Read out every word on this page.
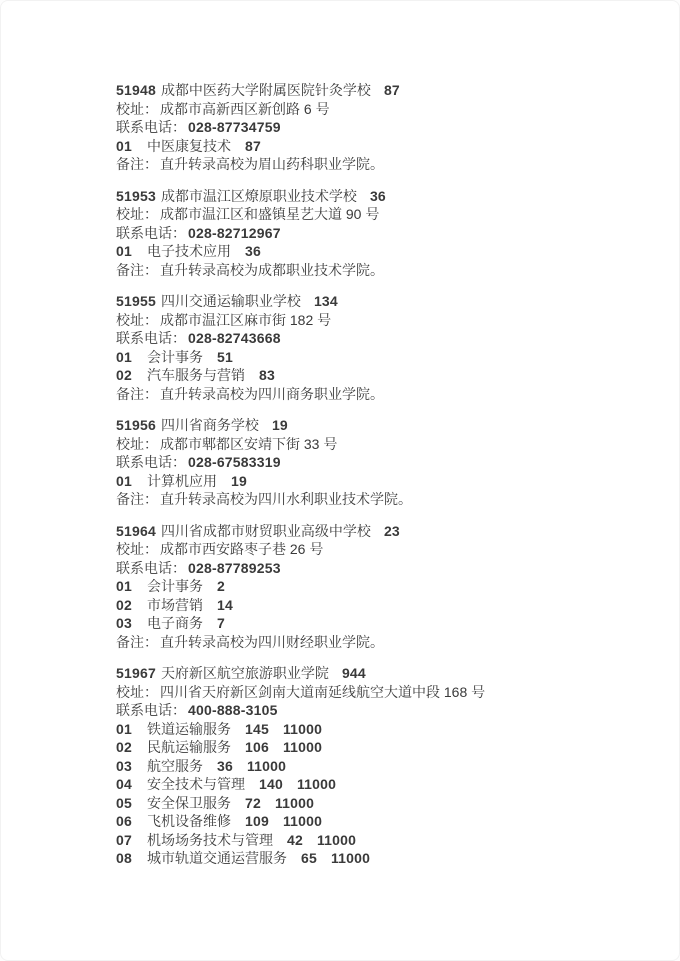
51948 成都中医药大学附属医院针灸学校 87
校址： 成都市高新西区新创路 6 号
联系电话： 028-87734759
01 中医康复技术 87
备注： 直升转录高校为眉山药科职业学院。
51953 成都市温江区燎原职业技术学校 36
校址： 成都市温江区和盛镇星艺大道 90 号
联系电话： 028-82712967
01 电子技术应用 36
备注： 直升转录高校为成都职业技术学院。
51955 四川交通运输职业学校 134
校址： 成都市温江区麻市街 182 号
联系电话： 028-82743668
01 会计事务 51
02 汽车服务与营销 83
备注： 直升转录高校为四川商务职业学院。
51956 四川省商务学校 19
校址： 成都市郫都区安靖下街 33 号
联系电话： 028-67583319
01 计算机应用 19
备注： 直升转录高校为四川水利职业技术学院。
51964 四川省成都市财贸职业高级中学校 23
校址： 成都市西安路枣子巷 26 号
联系电话： 028-87789253
01 会计事务 2
02 市场营销 14
03 电子商务 7
备注： 直升转录高校为四川财经职业学院。
51967 天府新区航空旅游职业学院 944
校址： 四川省天府新区剑南大道南延线航空大道中段 168 号
联系电话： 400-888-3105
01 铁道运输服务 145 11000
02 民航运输服务 106 11000
03 航空服务 36 11000
04 安全技术与管理 140 11000
05 安全保卫服务 72 11000
06 飞机设备维修 109 11000
07 机场场务技术与管理 42 11000
08 城市轨道交通运营服务 65 11000
